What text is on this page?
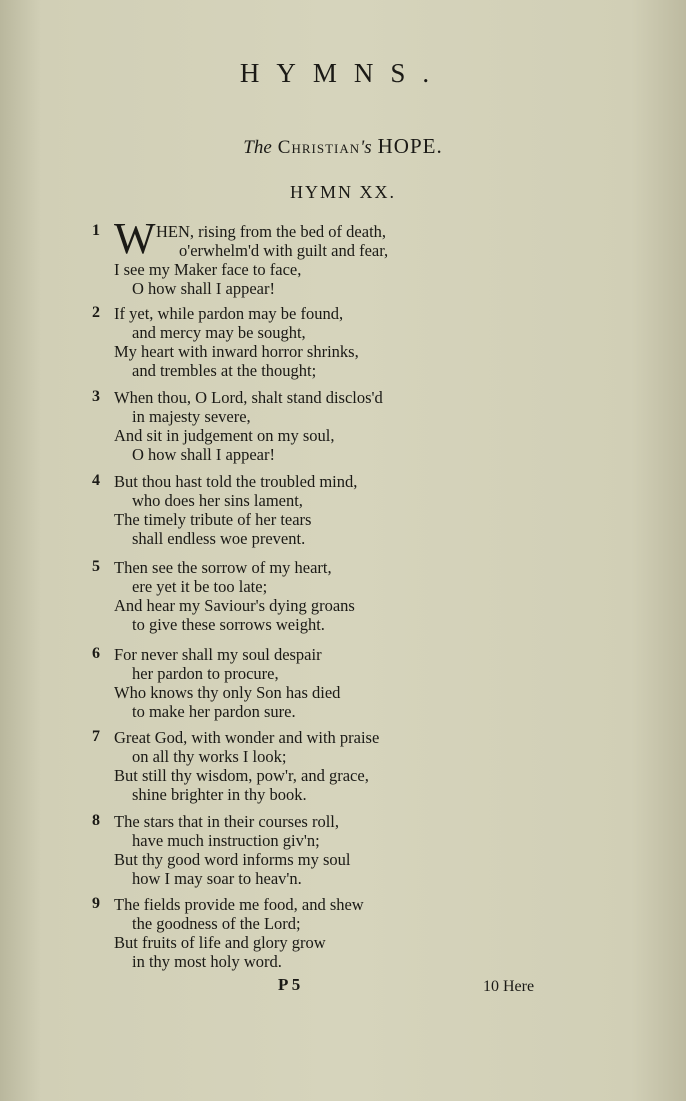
HYMNS.
The Christian's HOPE.
HYMN XX.
1 W HEN, rising from the bed of death,
o'erwhelm'd with guilt and fear,
I see my Maker face to face,
O how shall I appear!
2 If yet, while pardon may be found,
and mercy may be sought,
My heart with inward horror shrinks,
and trembles at the thought;
3 When thou, O Lord, shalt stand disclos'd
in majesty severe,
And sit in judgement on my soul,
O how shall I appear!
4 But thou hast told the troubled mind,
who does her sins lament,
The timely tribute of her tears
shall endless woe prevent.
5 Then see the sorrow of my heart,
ere yet it be too late;
And hear my Saviour's dying groans
to give these sorrows weight.
6 For never shall my soul despair
her pardon to procure,
Who knows thy only Son has died
to make her pardon sure.
7 Great God, with wonder and with praise
on all thy works I look;
But still thy wisdom, pow'r, and grace,
shine brighter in thy book.
8 The stars that in their courses roll,
have much instruction giv'n;
But thy good word informs my soul
how I may soar to heav'n.
9 The fields provide me food, and shew
the goodness of the Lord;
But fruits of life and glory grow
in thy most holy word.
P 5	10 Here
